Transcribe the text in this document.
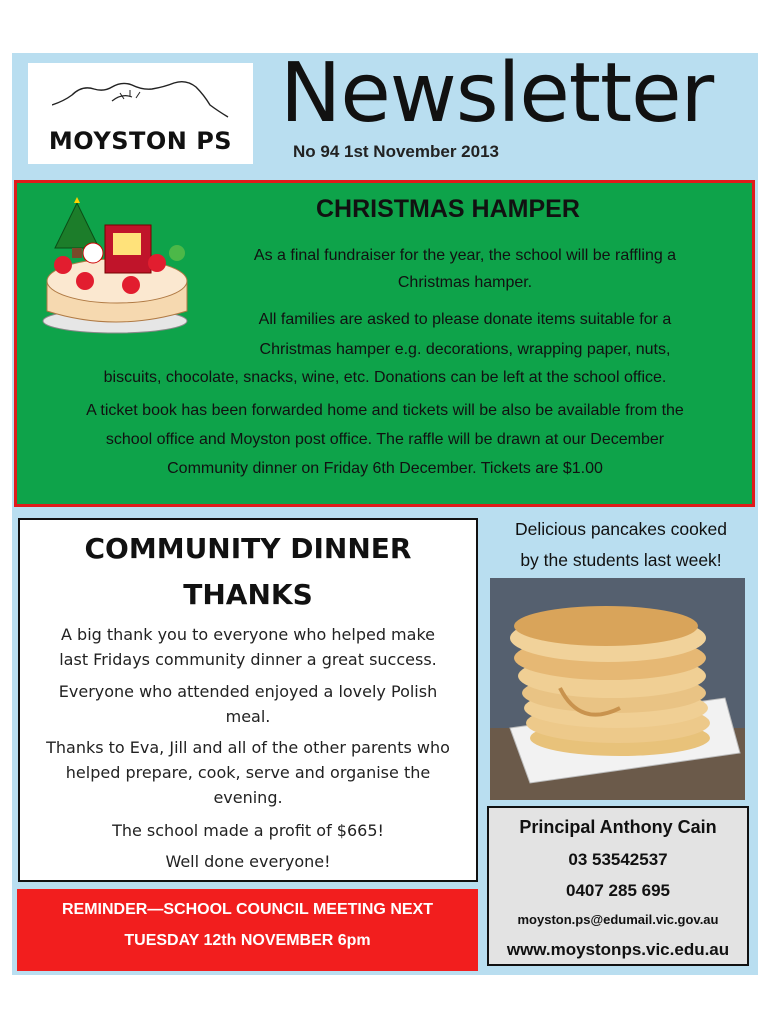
MOYSTON PS Newsletter
No 94 1st November 2013
CHRISTMAS HAMPER
As a final fundraiser for the year, the school will be raffling a
Christmas hamper.
All families are asked to please donate items suitable for a
Christmas hamper e.g. decorations, wrapping paper, nuts,
biscuits, chocolate, snacks, wine, etc. Donations can be left at the school office.
A ticket book has been forwarded home and tickets will be also be available from the
school office and Moyston post office. The raffle will be drawn at our December
Community dinner on Friday 6th December. Tickets are $1.00
COMMUNITY DINNER
THANKS
A big thank you to everyone who helped make
last Fridays community dinner a great success.
Everyone who attended enjoyed a lovely Polish
meal.
Thanks to Eva, Jill and all of the other parents who
helped prepare, cook, serve and organise the
evening.
The school made a profit of $665!
Well done everyone!
REMINDER—SCHOOL COUNCIL MEETING NEXT
TUESDAY 12th NOVEMBER 6pm
Delicious pancakes cooked
by the students last week!
Principal Anthony Cain
03 53542537
0407 285 695
moyston.ps@edumail.vic.gov.au
www.moystonps.vic.edu.au
